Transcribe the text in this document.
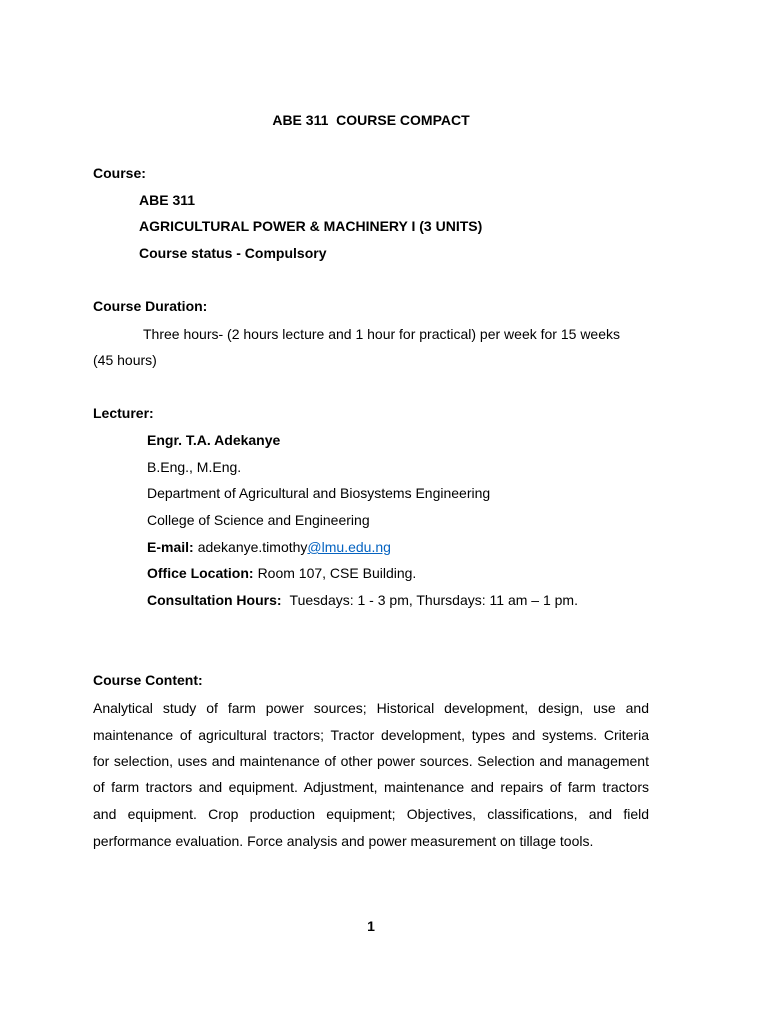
ABE 311  COURSE COMPACT
Course:
ABE 311
AGRICULTURAL POWER & MACHINERY I (3 UNITS)
Course status - Compulsory
Course Duration:
Three hours- (2 hours lecture and 1 hour for practical) per week for 15 weeks
(45 hours)
Lecturer:
Engr. T.A. Adekanye
B.Eng., M.Eng.
Department of Agricultural and Biosystems Engineering
College of Science and Engineering
E-mail: adekanye.timothy@lmu.edu.ng
Office Location: Room 107, CSE Building.
Consultation Hours: Tuesdays: 1 - 3 pm, Thursdays: 11 am – 1 pm.
Course Content:
Analytical study of farm power sources; Historical development, design, use and
maintenance of agricultural tractors; Tractor development, types and systems. Criteria
for selection, uses and maintenance of other power sources. Selection and management
of farm tractors and equipment. Adjustment, maintenance and repairs of farm tractors
and equipment. Crop production equipment; Objectives, classifications, and field
performance evaluation. Force analysis and power measurement on tillage tools.
1
